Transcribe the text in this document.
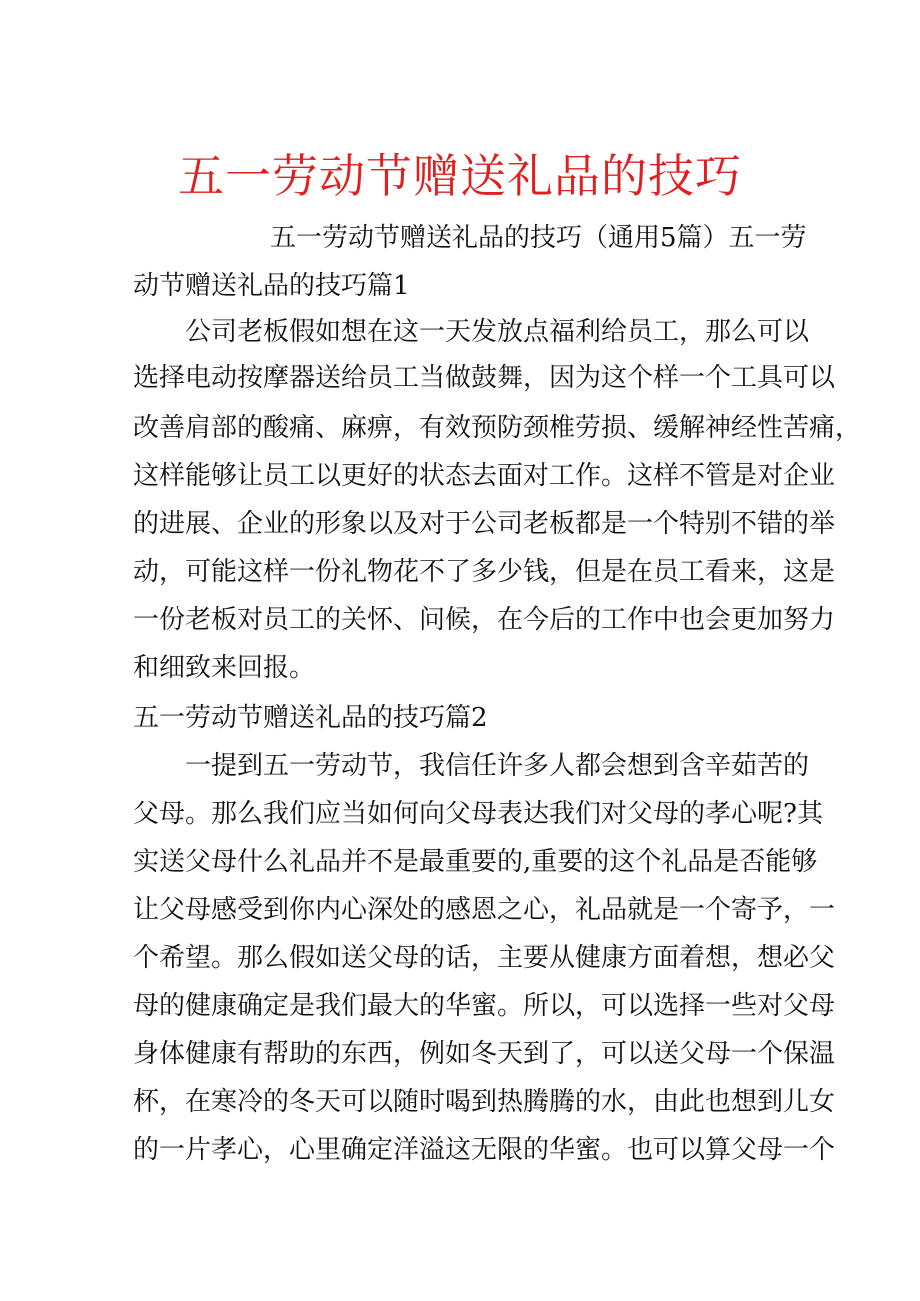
五一劳动节赠送礼品的技巧
五一劳动节赠送礼品的技巧（通用5篇）五一劳
动节赠送礼品的技巧篇1
公司老板假如想在这一天发放点福利给员工，那么可以
选择电动按摩器送给员工当做鼓舞，因为这个样一个工具可以
改善肩部的酸痛、麻痹，有效预防颈椎劳损、缓解神经性苦痛，
这样能够让员工以更好的状态去面对工作。这样不管是对企业
的进展、企业的形象以及对于公司老板都是一个特别不错的举
动，可能这样一份礼物花不了多少钱，但是在员工看来，这是
一份老板对员工的关怀、问候，在今后的工作中也会更加努力
和细致来回报。
五一劳动节赠送礼品的技巧篇2
一提到五一劳动节，我信任许多人都会想到含辛茹苦的
父母。那么我们应当如何向父母表达我们对父母的孝心呢?其
实送父母什么礼品并不是最重要的,重要的这个礼品是否能够
让父母感受到你内心深处的感恩之心，礼品就是一个寄予，一
个希望。那么假如送父母的话，主要从健康方面着想，想必父
母的健康确定是我们最大的华蜜。所以，可以选择一些对父母
身体健康有帮助的东西，例如冬天到了，可以送父母一个保温
杯，在寒冷的冬天可以随时喝到热腾腾的水，由此也想到儿女
的一片孝心，心里确定洋溢这无限的华蜜。也可以算父母一个
